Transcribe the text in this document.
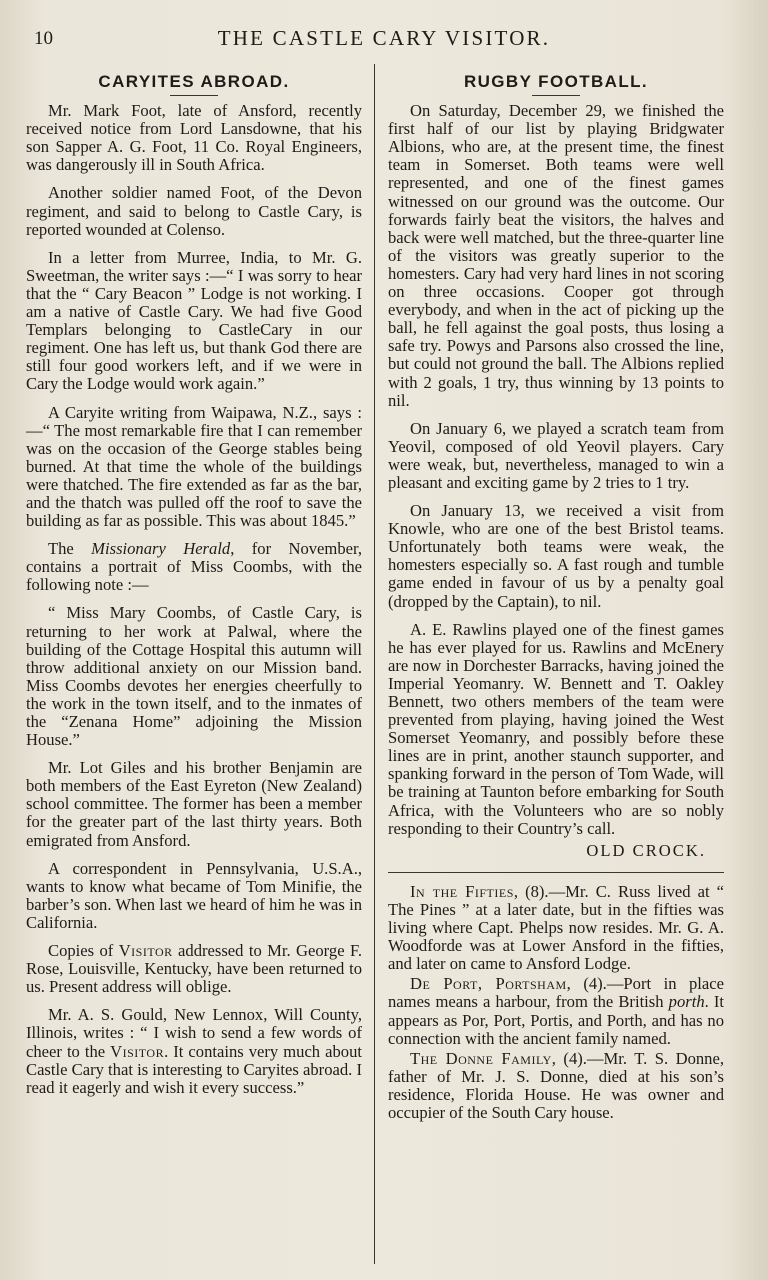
10	THE CASTLE CARY VISITOR.
CARYITES ABROAD.

Mr. Mark Foot, late of Ansford, recently received notice from Lord Lansdowne, that his son Sapper A. G. Foot, 11 Co. Royal Engineers, was dangerously ill in South Africa.

Another soldier named Foot, of the Devon regiment, and said to belong to Castle Cary, is reported wounded at Colenso.

In a letter from Murree, India, to Mr. G. Sweetman, the writer says :—“ I was sorry to hear that the “ Cary Beacon ” Lodge is not working. I am a native of Castle Cary. We had five Good Templars belonging to CastleCary in our regiment. One has left us, but thank God there are still four good workers left, and if we were in Cary the Lodge would work again.”

A Caryite writing from Waipawa, N.Z., says :—“ The most remarkable fire that I can remember was on the occasion of the George stables being burned. At that time the whole of the buildings were thatched. The fire extended as far as the bar, and the thatch was pulled off the roof to save the building as far as possible. This was about 1845.”

The Missionary Herald, for November, contains a portrait of Miss Coombs, with the following note :—

“ Miss Mary Coombs, of Castle Cary, is returning to her work at Palwal, where the building of the Cottage Hospital this autumn will throw additional anxiety on our Mission band. Miss Coombs devotes her energies cheerfully to the work in the town itself, and to the inmates of the “Zenana Home” adjoining the Mission House.”

Mr. Lot Giles and his brother Benjamin are both members of the East Eyreton (New Zealand) school committee. The former has been a member for the greater part of the last thirty years. Both emigrated from Ansford.

A correspondent in Pennsylvania, U.S.A., wants to know what became of Tom Minifie, the barber’s son. When last we heard of him he was in California.

Copies of Visitor addressed to Mr. George F. Rose, Louisville, Kentucky, have been returned to us. Present address will oblige.

Mr. A. S. Gould, New Lennox, Will County, Illinois, writes : “ I wish to send a few words of cheer to the Visitor. It contains very much about Castle Cary that is interesting to Caryites abroad. I read it eagerly and wish it every success.”

RUGBY FOOTBALL.

On Saturday, December 29, we finished the first half of our list by playing Bridgwater Albions, who are, at the present time, the finest team in Somerset. Both teams were well represented, and one of the finest games witnessed on our ground was the outcome. Our forwards fairly beat the visitors, the halves and back were well matched, but the three-quarter line of the visitors was greatly superior to the homesters. Cary had very hard lines in not scoring on three occasions. Cooper got through everybody, and when in the act of picking up the ball, he fell against the goal posts, thus losing a safe try. Powys and Parsons also crossed the line, but could not ground the ball. The Albions replied with 2 goals, 1 try, thus winning by 13 points to nil.

On January 6, we played a scratch team from Yeovil, composed of old Yeovil players. Cary were weak, but, nevertheless, managed to win a pleasant and exciting game by 2 tries to 1 try.

On January 13, we received a visit from Knowle, who are one of the best Bristol teams. Unfortunately both teams were weak, the homesters especially so. A fast rough and tumble game ended in favour of us by a penalty goal (dropped by the Captain), to nil.

A. E. Rawlins played one of the finest games he has ever played for us. Rawlins and McEnery are now in Dorchester Barracks, having joined the Imperial Yeomanry. W. Bennett and T. Oakley Bennett, two others members of the team were prevented from playing, having joined the West Somerset Yeomanry, and possibly before these lines are in print, another staunch supporter, and spanking forward in the person of Tom Wade, will be training at Taunton before embarking for South Africa, with the Volunteers who are so nobly responding to their Country’s call.

OLD CROCK.

In the Fifties, (8).—Mr. C. Russ lived at “ The Pines ” at a later date, but in the fifties was living where Capt. Phelps now resides. Mr. G. A. Woodforde was at Lower Ansford in the fifties, and later on came to Ansford Lodge.

De Port, Portsham, (4).—Port in place names means a harbour, from the British porth. It appears as Por, Port, Portis, and Porth, and has no connection with the ancient family named.

The Donne Family, (4).—Mr. T. S. Donne, father of Mr. J. S. Donne, died at his son’s residence, Florida House. He was owner and occupier of the South Cary house.
